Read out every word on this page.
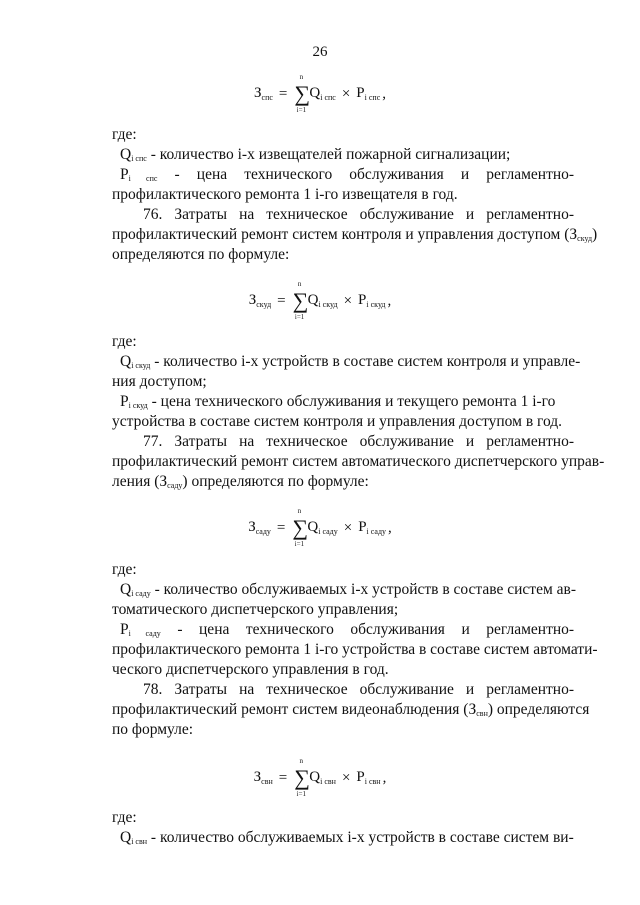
26
$З_{спс}$ =
n
∑
i=1
$Q_{i спс} \times P_{i спс}$ ,
где:
$Q_{i спс}$ - количество i-х извещателей пожарной сигнализации;
$P_{i спс}$ - цена технического обслуживания и регламентно-
профилактического ремонта 1 i-го извещателя в год.
76. Затраты на техническое обслуживание и регламентно-
профилактический ремонт систем контроля и управления доступом $(З_{скуд})$
определяются по формуле:
$З_{скуд}$ =
n
∑
i=1
$Q_{i скуд} \times P_{i скуд}$ ,
где:
$Q_{i скуд}$ - количество i-х устройств в составе систем контроля и управле-
ния доступом;
$P_{i скуд}$ - цена технического обслуживания и текущего ремонта 1 i-го
устройства в составе систем контроля и управления доступом в год.
77. Затраты на техническое обслуживание и регламентно-
профилактический ремонт систем автоматического диспетчерского управ-
ления $(З_{саду})$ определяются по формуле:
$З_{сaду}$ =
n
∑
i=1
$Q_{i саду} \times P_{i саду}$ ,
где:
$Q_{i саду}$ - количество обслуживаемых i-х устройств в составе систем ав-
томатического диспетчерского управления;
$P_{i саду}$ - цена технического обслуживания и регламентно-
профилактического ремонта 1 i-го устройства в составе систем автомати-
ческого диспетчерского управления в год.
78. Затраты на техническое обслуживание и регламентно-
профилактический ремонт систем видеонаблюдения $(З_{свн})$ определяются
по формуле:
$З_{свн}$ =
n
∑
i=1
$Q_{i свн} \times P_{i свн}$ ,
где:
$Q_{i свн}$ - количество обслуживаемых i-х устройств в составе систем ви-
